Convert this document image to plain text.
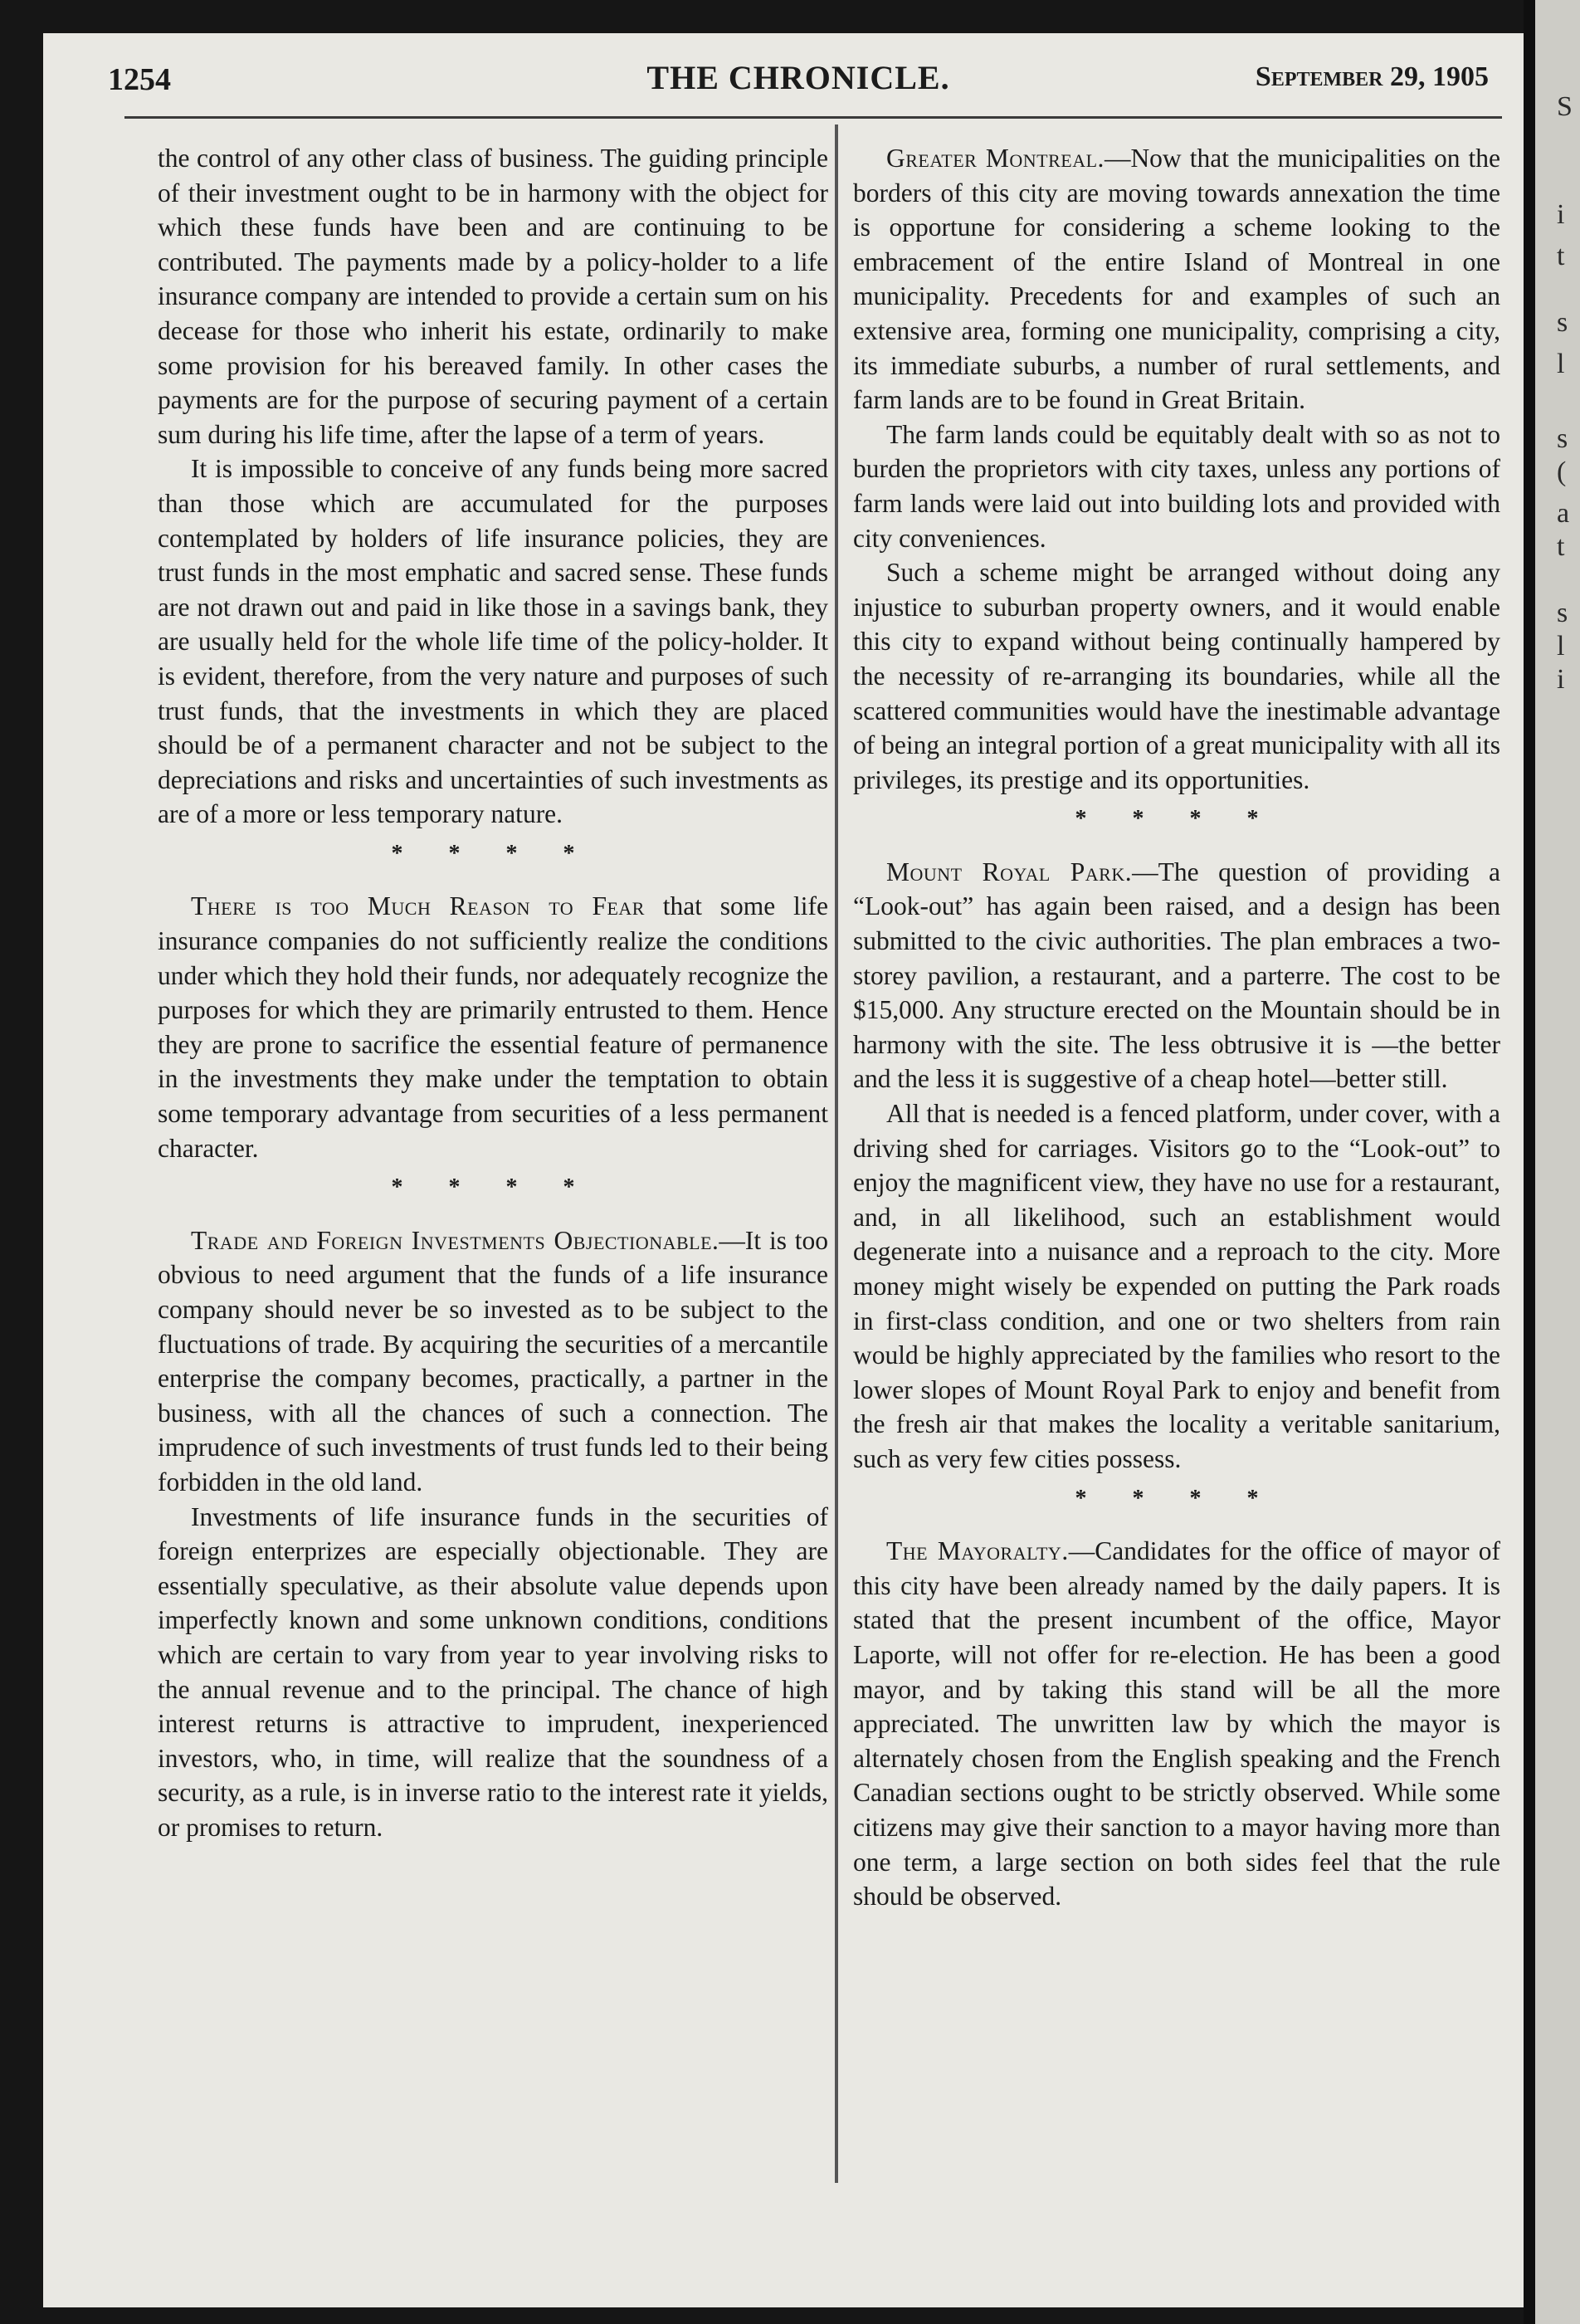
S
i
t
s
l
s
(
a
t
s
l
i
1254	THE CHRONICLE.	September 29, 1905

the control of any other class of business. The guiding principle of their investment ought to be in harmony with the object for which these funds have been and are continuing to be contributed. The payments made by a policy-holder to a life insurance company are intended to provide a certain sum on his decease for those who inherit his estate, ordinarily to make some provision for his bereaved family. In other cases the payments are for the purpose of securing payment of a certain sum during his life time, after the lapse of a term of years.

It is impossible to conceive of any funds being more sacred than those which are accumulated for the purposes contemplated by holders of life insurance policies, they are trust funds in the most emphatic and sacred sense. These funds are not drawn out and paid in like those in a savings bank, they are usually held for the whole life time of the policy-holder. It is evident, therefore, from the very nature and purposes of such trust funds, that the investments in which they are placed should be of a permanent character and not be subject to the depreciations and risks and uncertainties of such investments as are of a more or less temporary nature.

* * * *

There is too Much Reason to Fear that some life insurance companies do not sufficiently realize the conditions under which they hold their funds, nor adequately recognize the purposes for which they are primarily entrusted to them. Hence they are prone to sacrifice the essential feature of permanence in the investments they make under the temptation to obtain some temporary advantage from securities of a less permanent character.

* * * *

Trade and Foreign Investments Objectionable.—It is too obvious to need argument that the funds of a life insurance company should never be so invested as to be subject to the fluctuations of trade. By acquiring the securities of a mercantile enterprise the company becomes, practically, a partner in the business, with all the chances of such a connection. The imprudence of such investments of trust funds led to their being forbidden in the old land.

Investments of life insurance funds in the securities of foreign enterprizes are especially objectionable. They are essentially speculative, as their absolute value depends upon imperfectly known and some unknown conditions, conditions which are certain to vary from year to year involving risks to the annual revenue and to the principal. The chance of high interest returns is attractive to imprudent, inexperienced investors, who, in time, will realize that the soundness of a security, as a rule, is in inverse ratio to the interest rate it yields, or promises to return.

Greater Montreal.—Now that the municipalities on the borders of this city are moving towards annexation the time is opportune for considering a scheme looking to the embracement of the entire Island of Montreal in one municipality. Precedents for and examples of such an extensive area, forming one municipality, comprising a city, its immediate suburbs, a number of rural settlements, and farm lands are to be found in Great Britain.

The farm lands could be equitably dealt with so as not to burden the proprietors with city taxes, unless any portions of farm lands were laid out into building lots and provided with city conveniences.

Such a scheme might be arranged without doing any injustice to suburban property owners, and it would enable this city to expand without being continually hampered by the necessity of re-arranging its boundaries, while all the scattered communities would have the inestimable advantage of being an integral portion of a great municipality with all its privileges, its prestige and its opportunities.

* * * *

Mount Royal Park.—The question of providing a “Look-out” has again been raised, and a design has been submitted to the civic authorities. The plan embraces a two-storey pavilion, a restaurant, and a parterre. The cost to be $15,000. Any structure erected on the Mountain should be in harmony with the site. The less obtrusive it is —the better and the less it is suggestive of a cheap hotel—better still.

All that is needed is a fenced platform, under cover, with a driving shed for carriages. Visitors go to the “Look-out” to enjoy the magnificent view, they have no use for a restaurant, and, in all likelihood, such an establishment would degenerate into a nuisance and a reproach to the city. More money might wisely be expended on putting the Park roads in first-class condition, and one or two shelters from rain would be highly appreciated by the families who resort to the lower slopes of Mount Royal Park to enjoy and benefit from the fresh air that makes the locality a veritable sanitarium, such as very few cities possess.

* * * *

The Mayoralty.—Candidates for the office of mayor of this city have been already named by the daily papers. It is stated that the present incumbent of the office, Mayor Laporte, will not offer for re-election. He has been a good mayor, and by taking this stand will be all the more appreciated. The unwritten law by which the mayor is alternately chosen from the English speaking and the French Canadian sections ought to be strictly observed. While some citizens may give their sanction to a mayor having more than one term, a large section on both sides feel that the rule should be observed.
